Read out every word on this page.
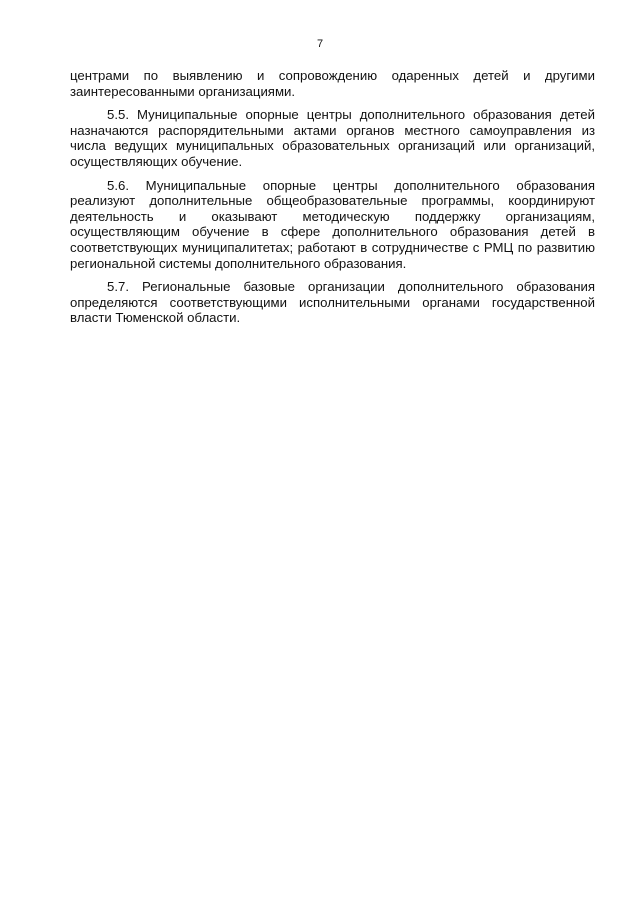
7

центрами по выявлению и сопровождению одаренных детей и другими заинтересованными организациями.

5.5. Муниципальные опорные центры дополнительного образования детей назначаются распорядительными актами органов местного самоуправления из числа ведущих муниципальных образовательных организаций или организаций, осуществляющих обучение.

5.6. Муниципальные опорные центры дополнительного образования реализуют дополнительные общеобразовательные программы, координируют деятельность и оказывают методическую поддержку организациям, осуществляющим обучение в сфере дополнительного образования детей в соответствующих муниципалитетах; работают в сотрудничестве с РМЦ по развитию региональной системы дополнительного образования.

5.7. Региональные базовые организации дополнительного образования определяются соответствующими исполнительными органами государственной власти Тюменской области.
